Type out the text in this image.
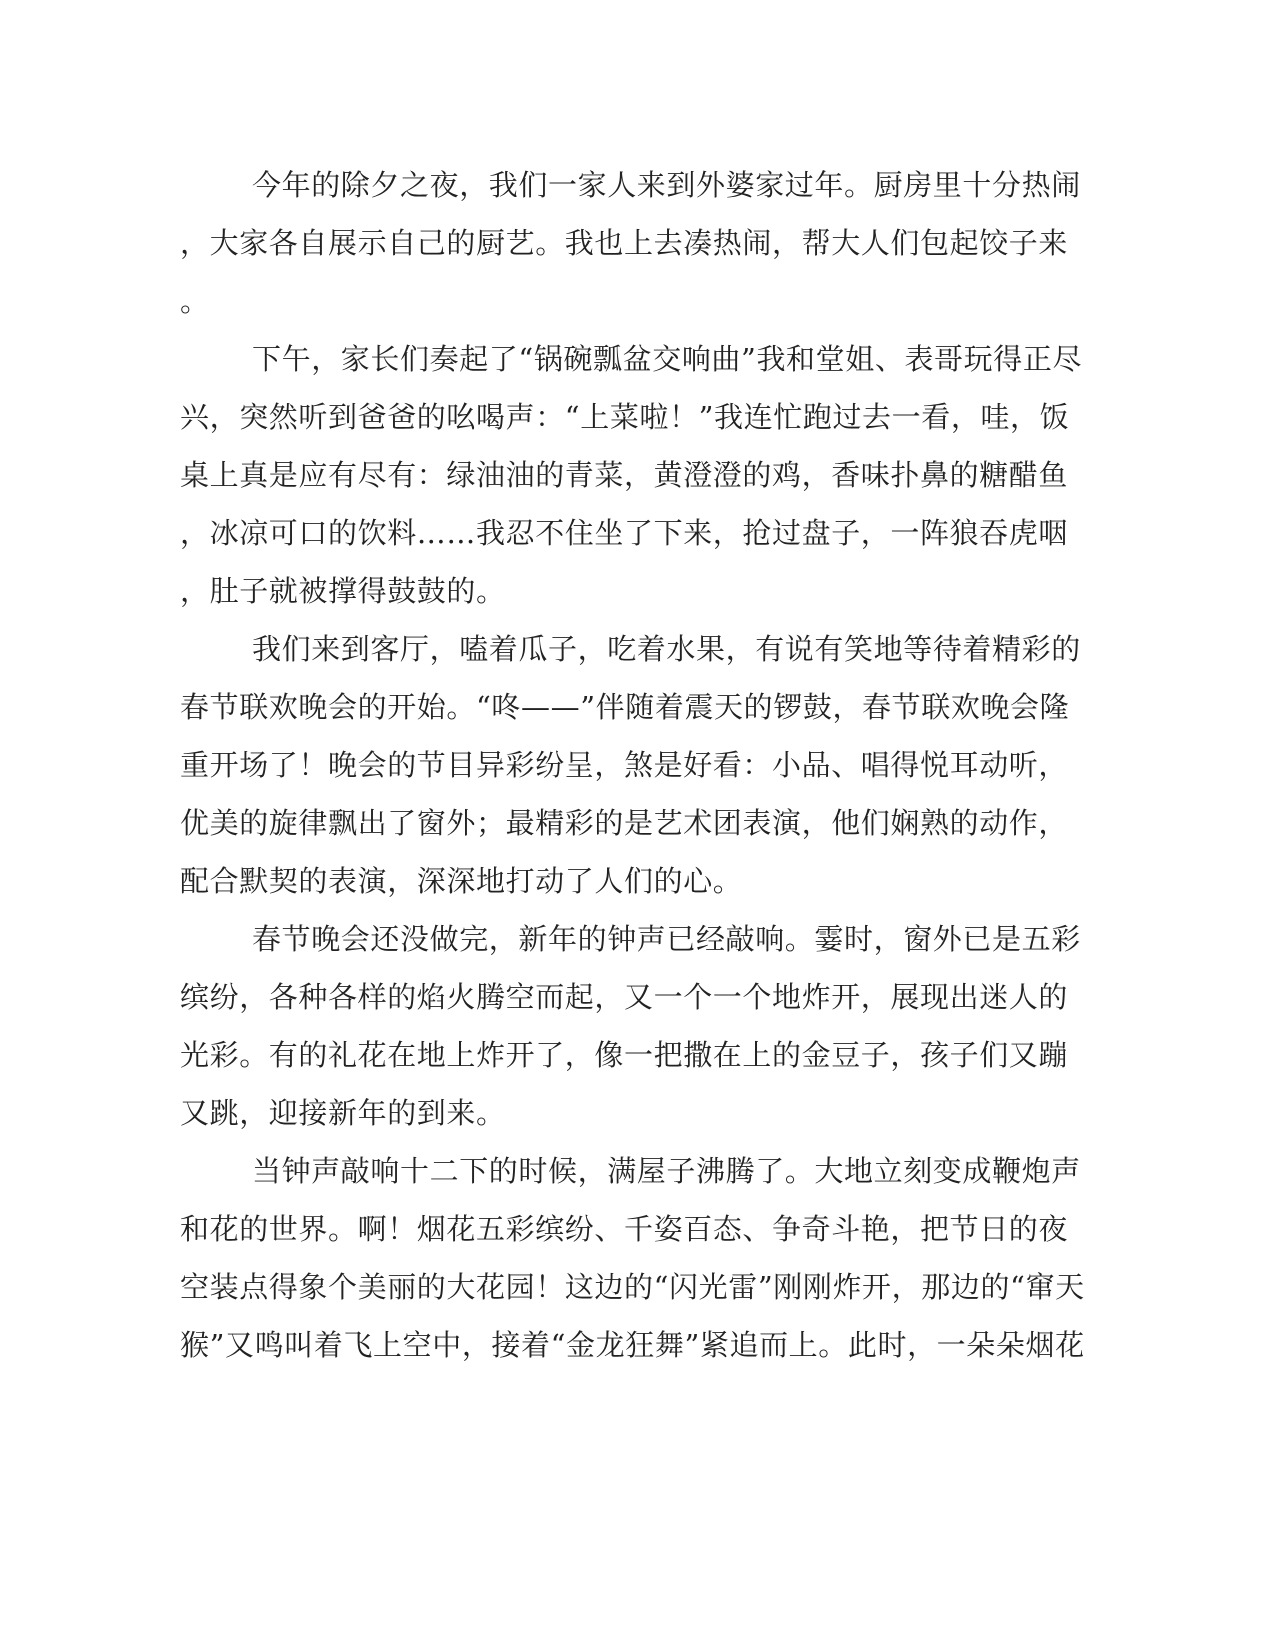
今年的除夕之夜，我们一家人来到外婆家过年。厨房里十分热闹
，大家各自展示自己的厨艺。我也上去凑热闹，帮大人们包起饺子来
。
下午，家长们奏起了“锅碗瓢盆交响曲”我和堂姐、表哥玩得正尽
兴，突然听到爸爸的吆喝声：“上菜啦！”我连忙跑过去一看，哇，饭
桌上真是应有尽有：绿油油的青菜，黄澄澄的鸡，香味扑鼻的糖醋鱼
，冰凉可口的饮料……我忍不住坐了下来，抢过盘子，一阵狼吞虎咽
，肚子就被撑得鼓鼓的。
我们来到客厅，嗑着瓜子，吃着水果，有说有笑地等待着精彩的
春节联欢晚会的开始。“咚——”伴随着震天的锣鼓，春节联欢晚会隆
重开场了！晚会的节目异彩纷呈，煞是好看：小品、唱得悦耳动听，
优美的旋律飘出了窗外；最精彩的是艺术团表演，他们娴熟的动作，
配合默契的表演，深深地打动了人们的心。
春节晚会还没做完，新年的钟声已经敲响。霎时，窗外已是五彩
缤纷，各种各样的焰火腾空而起，又一个一个地炸开，展现出迷人的
光彩。有的礼花在地上炸开了，像一把撒在上的金豆子，孩子们又蹦
又跳，迎接新年的到来。
当钟声敲响十二下的时候，满屋子沸腾了。大地立刻变成鞭炮声
和花的世界。啊！烟花五彩缤纷、千姿百态、争奇斗艳，把节日的夜
空装点得象个美丽的大花园！这边的“闪光雷”刚刚炸开，那边的“窜天
猴”又鸣叫着飞上空中，接着“金龙狂舞”紧追而上。此时，一朵朵烟花
